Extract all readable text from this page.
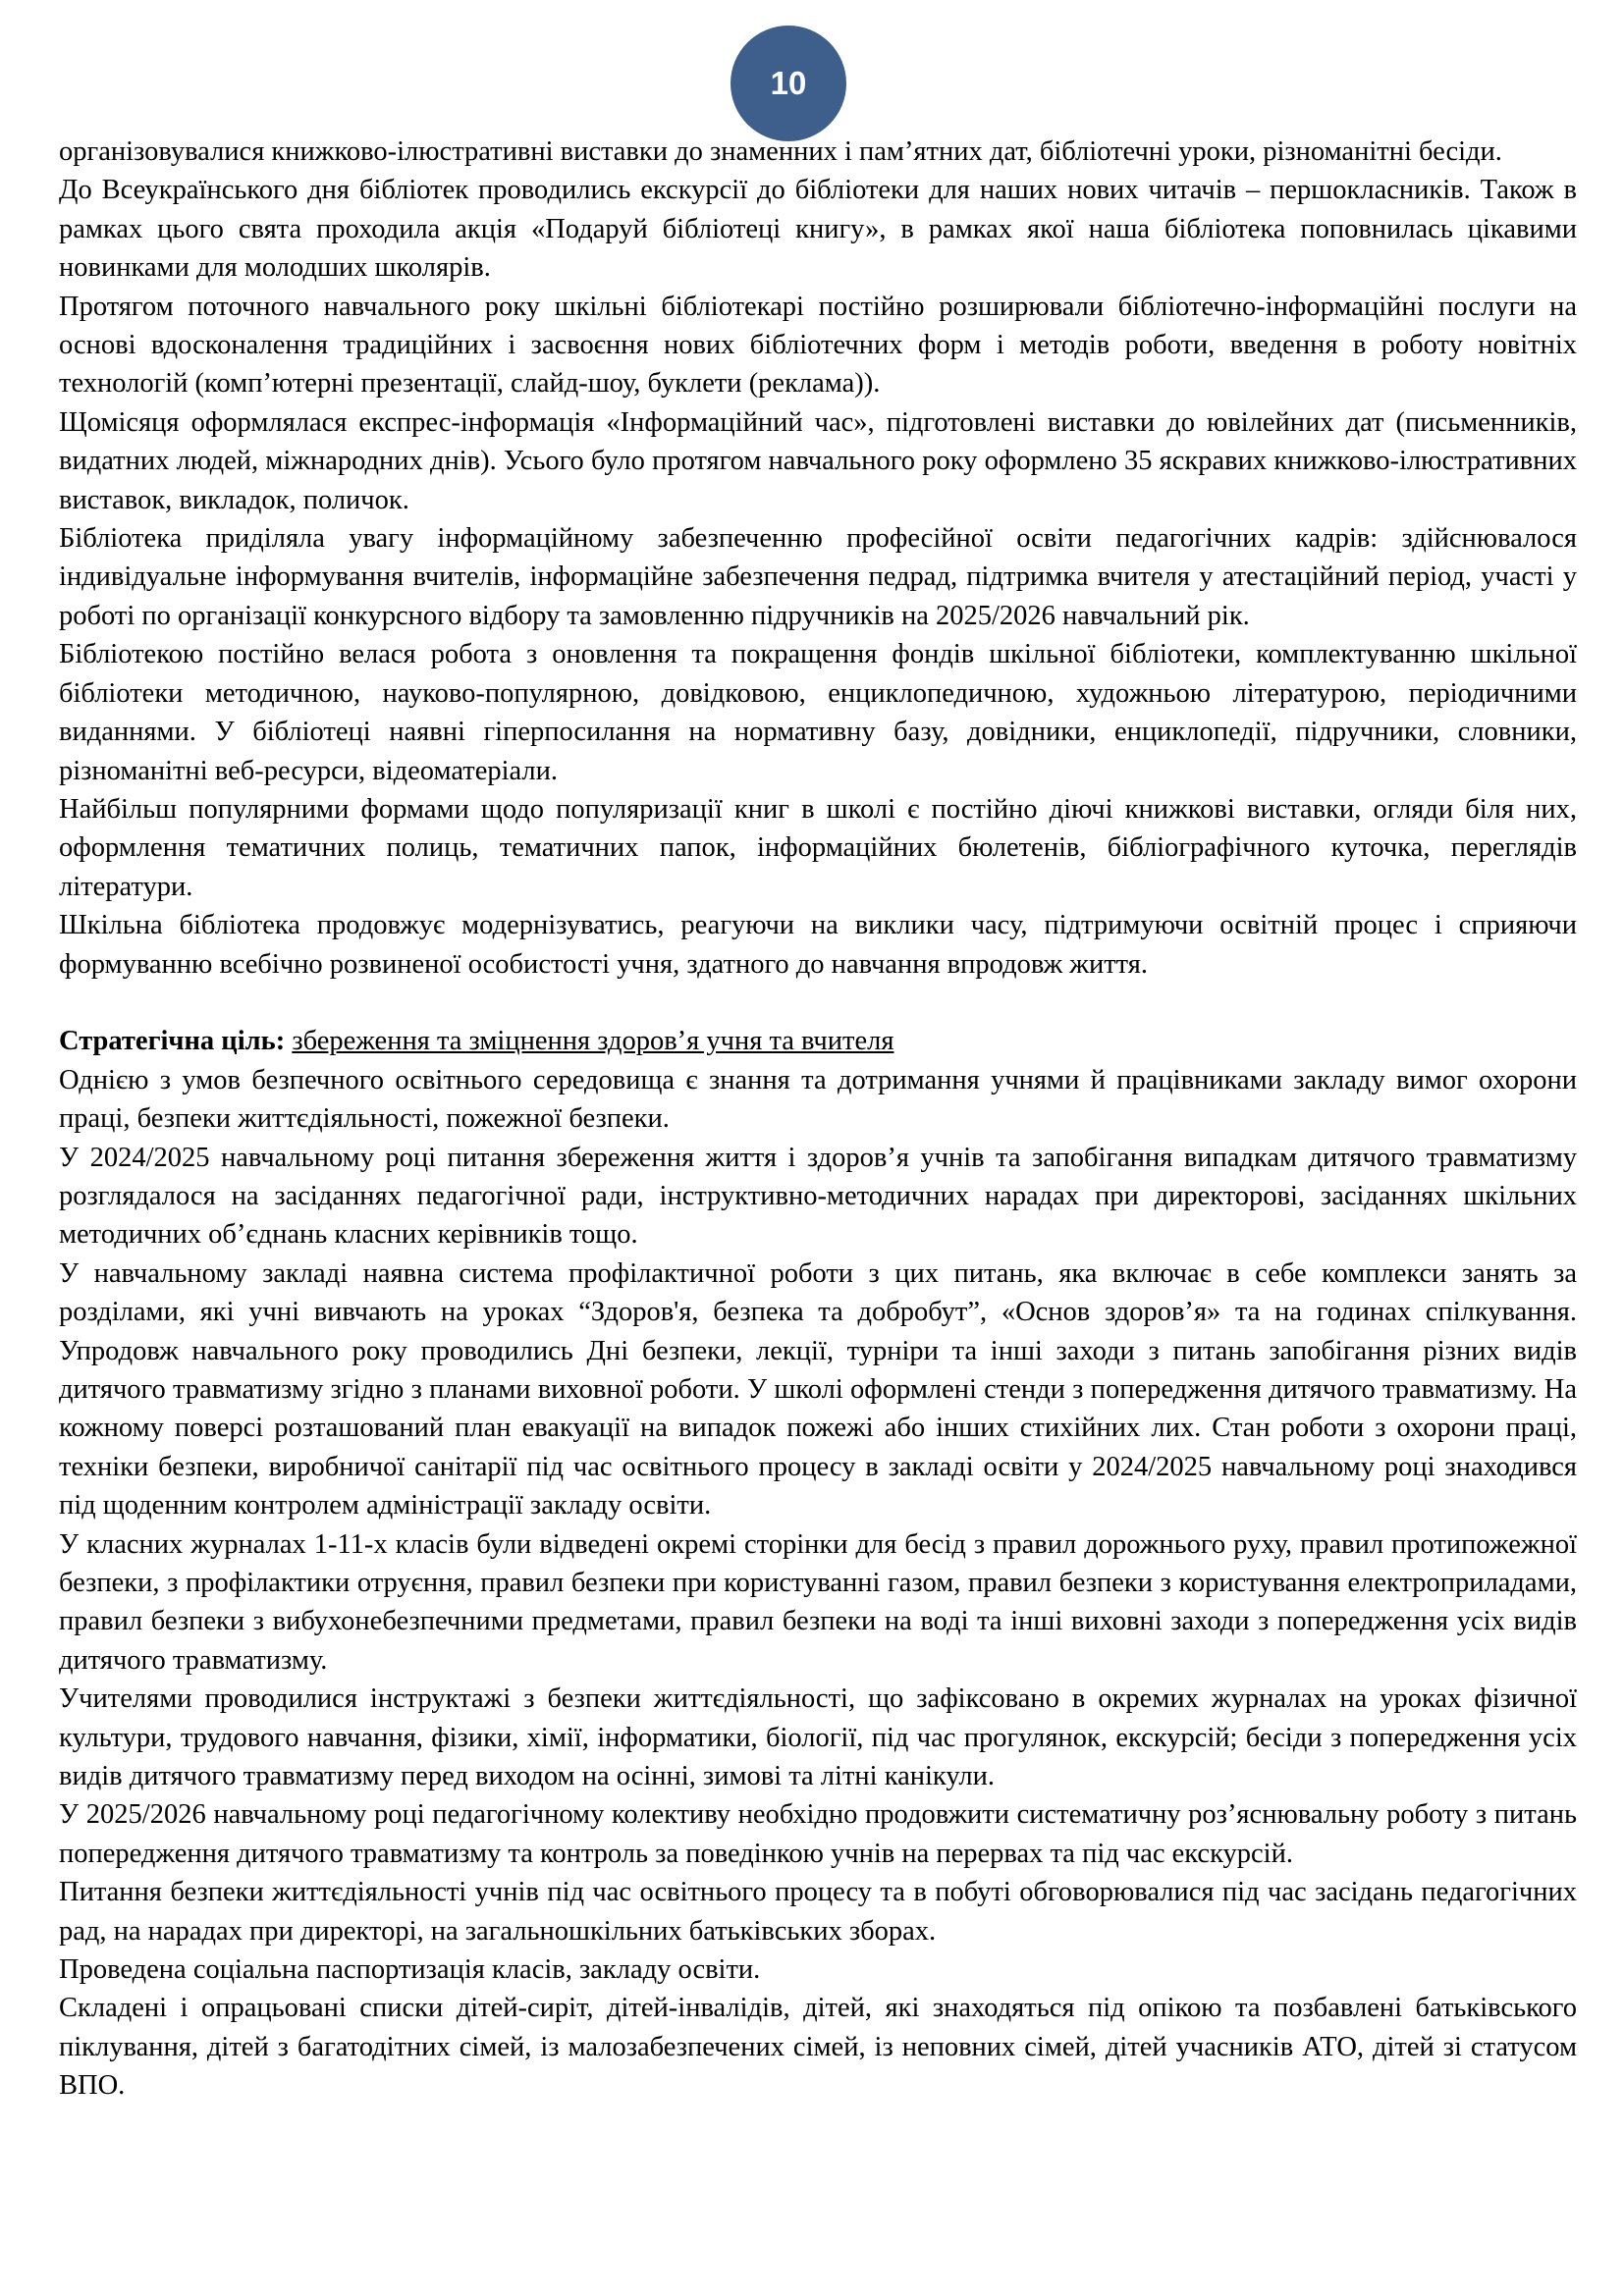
10

організовувалися книжково-ілюстративні виставки до знаменних і пам’ятних дат, бібліотечні уроки, різноманітні бесіди.

До Всеукраїнського дня бібліотек проводились екскурсії до бібліотеки для наших нових читачів – першокласників. Також в рамках цього свята проходила акція «Подаруй бібліотеці книгу», в рамках якої наша бібліотека поповнилась цікавими новинками для молодших школярів.

Протягом поточного навчального року шкільні бібліотекарі постійно розширювали бібліотечно-інформаційні послуги на основі вдосконалення традиційних і засвоєння нових бібліотечних форм і методів роботи, введення в роботу новітніх технологій (комп’ютерні презентації, слайд-шоу, буклети (реклама)).

Щомісяця оформлялася експрес-інформація «Інформаційний час», підготовлені виставки до ювілейних дат (письменників, видатних людей, міжнародних днів). Усього було протягом навчального року оформлено 35 яскравих книжково-ілюстративних виставок, викладок, поличок.

Бібліотека приділяла увагу інформаційному забезпеченню професійної освіти педагогічних кадрів: здійснювалося індивідуальне інформування вчителів, інформаційне забезпечення педрад, підтримка вчителя у атестаційний період, участі у роботі по організації конкурсного відбору та замовленню підручників на 2025/2026 навчальний рік.

Бібліотекою постійно велася робота з оновлення та покращення фондів шкільної бібліотеки, комплектуванню шкільної бібліотеки методичною, науково-популярною, довідковою, енциклопедичною, художньою літературою, періодичними виданнями. У бібліотеці наявні гіперпосилання на нормативну базу, довідники, енциклопедії, підручники, словники, різноманітні веб-ресурси, відеоматеріали.

Найбільш популярними формами щодо популяризації книг в школі є постійно діючі книжкові виставки, огляди біля них, оформлення тематичних полиць, тематичних папок, інформаційних бюлетенів, бібліографічного куточка, переглядів літератури.

Шкільна бібліотека продовжує модернізуватись, реагуючи на виклики часу, підтримуючи освітній процес і сприяючи формуванню всебічно розвиненої особистості учня, здатного до навчання впродовж життя.

Стратегічна ціль: збереження та зміцнення здоров’я учня та вчителя

Однією з умов безпечного освітнього середовища є знання та дотримання учнями й працівниками закладу вимог охорони праці, безпеки життєдіяльності, пожежної безпеки.

У 2024/2025 навчальному році питання збереження життя і здоров’я учнів та запобігання випадкам дитячого травматизму розглядалося на засіданнях педагогічної ради, інструктивно-методичних нарадах при директорові, засіданнях шкільних методичних об’єднань класних керівників тощо.

У навчальному закладі наявна система профілактичної роботи з цих питань, яка включає в себе комплекси занять за розділами, які учні вивчають на уроках “Здоров'я, безпека та добробут”, «Основ здоров’я» та на годинах спілкування. Упродовж навчального року проводились Дні безпеки, лекції, турніри та інші заходи з питань запобігання різних видів дитячого травматизму згідно з планами виховної роботи. У школі оформлені стенди з попередження дитячого травматизму. На кожному поверсі розташований план евакуації на випадок пожежі або інших стихійних лих. Стан роботи з охорони праці, техніки безпеки, виробничої санітарії під час освітнього процесу в закладі освіти у 2024/2025 навчальному році знаходився під щоденним контролем адміністрації закладу освіти.

У класних журналах 1-11-х класів були відведені окремі сторінки для бесід з правил дорожнього руху, правил протипожежної безпеки, з профілактики отруєння, правил безпеки при користуванні газом, правил безпеки з користування електроприладами, правил безпеки з вибухонебезпечними предметами, правил безпеки на воді та інші виховні заходи з попередження усіх видів дитячого травматизму.

Учителями проводилися інструктажі з безпеки життєдіяльності, що зафіксовано в окремих журналах на уроках фізичної культури, трудового навчання, фізики, хімії, інформатики, біології, під час прогулянок, екскурсій; бесіди з попередження усіх видів дитячого травматизму перед виходом на осінні, зимові та літні канікули.

У 2025/2026 навчальному році педагогічному колективу необхідно продовжити систематичну роз’яснювальну роботу з питань попередження дитячого травматизму та контроль за поведінкою учнів на перервах та під час екскурсій.

Питання безпеки життєдіяльності учнів під час освітнього процесу та в побуті обговорювалися під час засідань педагогічних рад, на нарадах при директорі, на загальношкільних батьківських зборах.

Проведена соціальна паспортизація класів, закладу освіти.

Складені і опрацьовані списки дітей-сиріт, дітей-інвалідів, дітей, які знаходяться під опікою та позбавлені батьківського піклування, дітей з багатодітних сімей, із малозабезпечених сімей, із неповних сімей, дітей учасників АТО, дітей зі статусом ВПО.
